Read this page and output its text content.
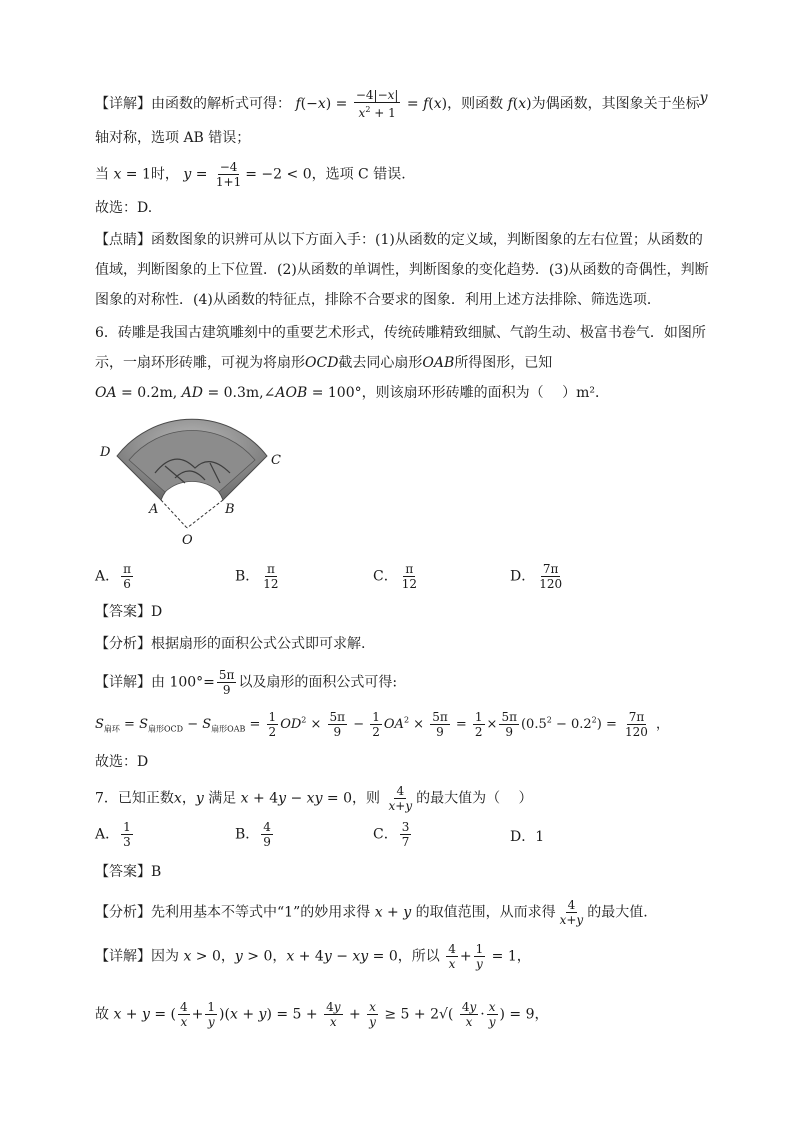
【详解】由函数的解析式可得： $f(-x) = \frac{-4|-x|}{x^2 + 1} = f(x)$，则函数 f(x)为偶函数，其图象关于坐标y
轴对称，选项 AB 错误；
当 x = 1时， $y = \frac{-4}{1+1} = -2 < 0$，选项 C 错误.
故选：D.
【点睛】函数图象的识辨可从以下方面入手：(1)从函数的定义域，判断图象的左右位置；从函数的
值域，判断图象的上下位置．(2)从函数的单调性，判断图象的变化趋势．(3)从函数的奇偶性，判断
图象的对称性．(4)从函数的特征点，排除不合要求的图象．利用上述方法排除、筛选选项．
6．砖雕是我国古建筑雕刻中的重要艺术形式，传统砖雕精致细腻、气韵生动、极富书卷气．如图所
示，一扇环形砖雕，可视为将扇形OCD截去同心扇形OAB所得图形，已知
OA = 0.2m, AD = 0.3m,∠AOB = 100°，则该扇环形砖雕的面积为（　 ）m²．
D
C
A	B
O
A． $\frac{\pi}{6}$	B． $\frac{\pi}{12}$	C． $\frac{\pi}{12}$	D． $\frac{7\pi}{120}$
【答案】D
【分析】根据扇形的面积公式公式即可求解.
【详解】由 $100^\circ= \frac{5\pi}{9}$ 以及扇形的面积公式可得:
$S_{扇环} = S_{扇形OCD} - S_{扇形OAB} = \frac{1}{2} OD^2 \times \frac{5\pi}{9} - \frac{1}{2} OA^2 \times \frac{5\pi}{9} = \frac{1}{2} \times \frac{5\pi}{9} (0.5^2 - 0.2^2) = \frac{7\pi}{120}$ ，
故选：D
7．已知正数x，y 满足 x + 4y − xy = 0，则 $\frac{4}{x+y}$ 的最大值为（　 ）
A． $\frac{1}{3}$	B． $\frac{4}{9}$	C． $\frac{3}{7}$	D．1
【答案】B
【分析】先利用基本不等式中“1”的妙用求得 x + y 的取值范围，从而求得 $\frac{4}{x+y}$ 的最大值.
【详解】因为 x > 0，y > 0，x + 4y − xy = 0，所以 $\frac{4}{x} + \frac{1}{y} = 1$，
故 x + y = ( $\frac{4}{x} + \frac{1}{y} )(x + y) = 5 + \frac{4y}{x} + \frac{x}{y} \ge 5 + 2√( \frac{4y}{x} \cdot \frac{x}{y}$ ) = 9，
